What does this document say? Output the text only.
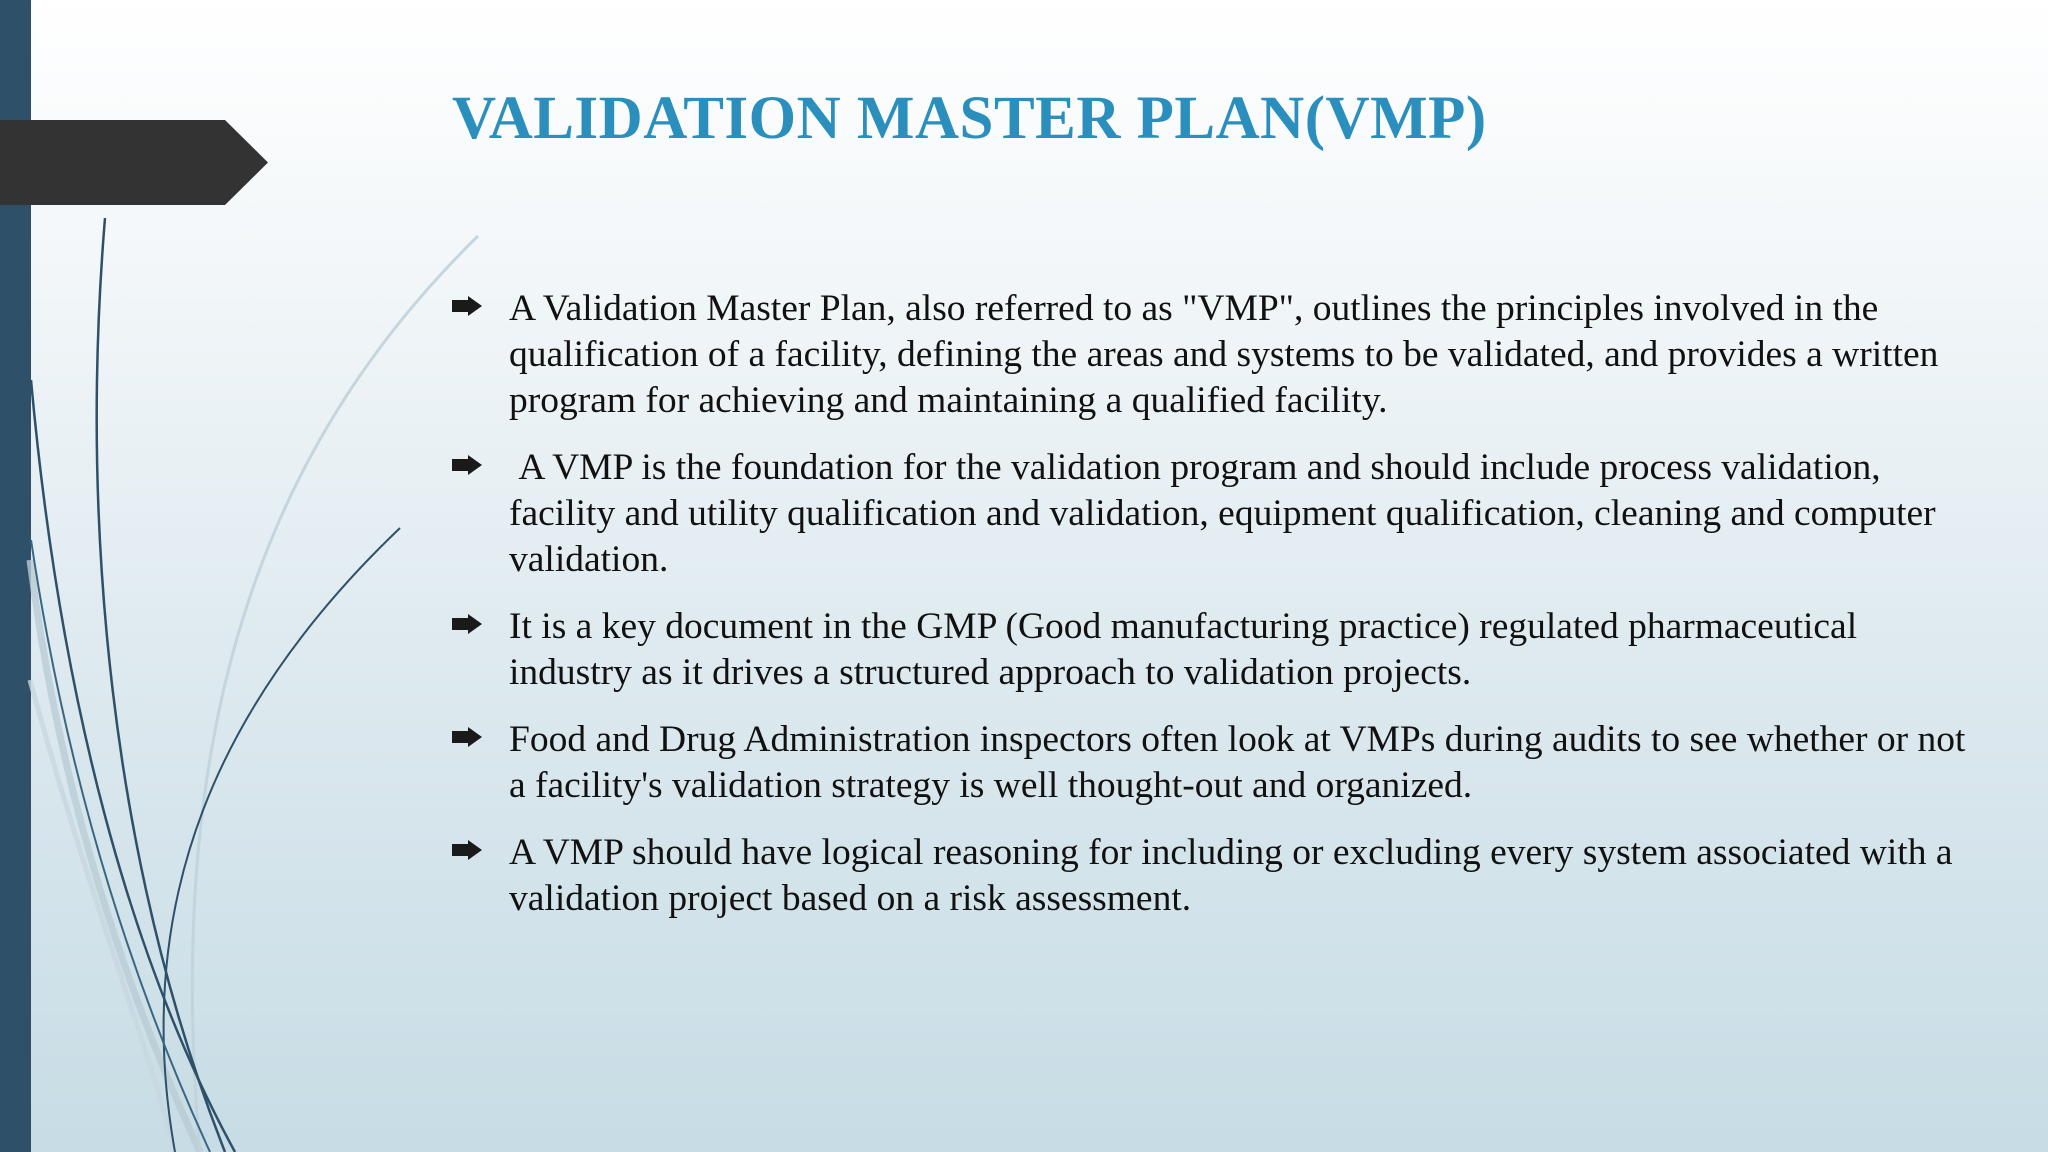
VALIDATION MASTER PLAN(VMP)
A Validation Master Plan, also referred to as "VMP", outlines the principles involved in the qualification of a facility, defining the areas and systems to be validated, and provides a written program for achieving and maintaining a qualified facility.
A VMP is the foundation for the validation program and should include process validation, facility and utility qualification and validation, equipment qualification, cleaning and computer validation.
It is a key document in the GMP (Good manufacturing practice) regulated pharmaceutical industry as it drives a structured approach to validation projects.
Food and Drug Administration inspectors often look at VMPs during audits to see whether or not a facility's validation strategy is well thought-out and organized.
A VMP should have logical reasoning for including or excluding every system associated with a validation project based on a risk assessment.
